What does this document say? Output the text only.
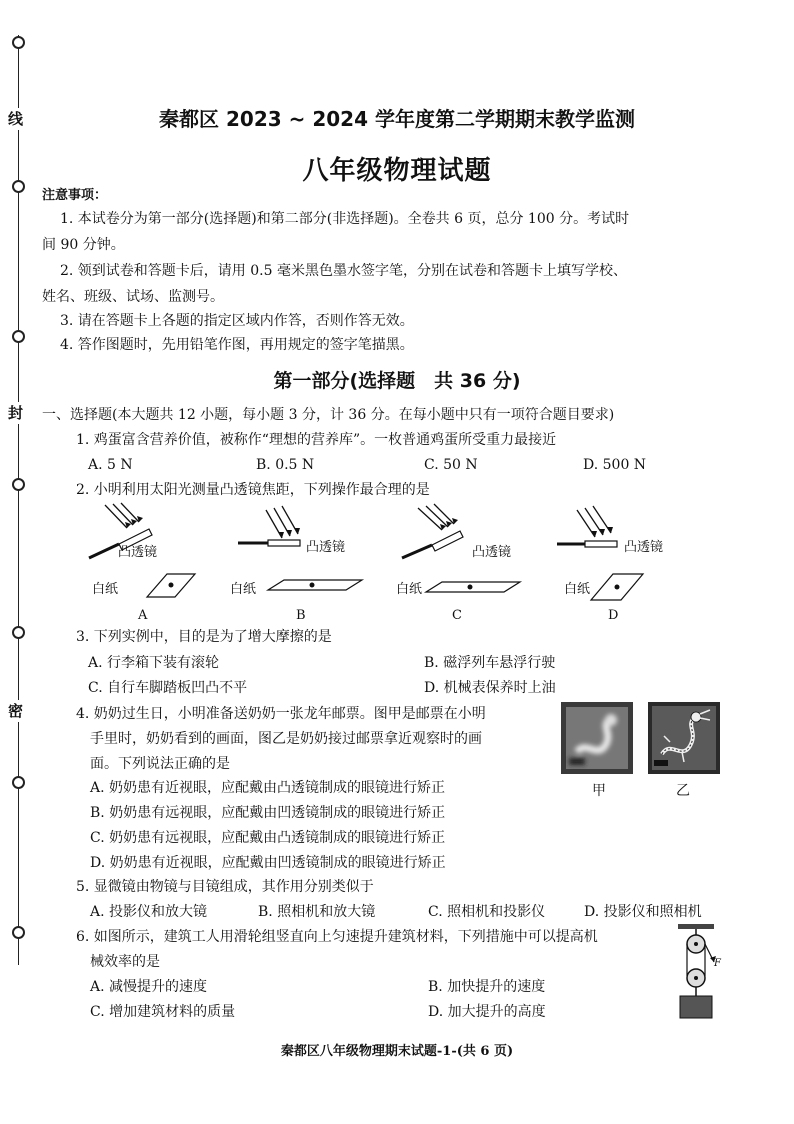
线
封
密
秦都区 2023 ~ 2024 学年度第二学期期末教学监测
八年级物理试题
注意事项：
1. 本试卷分为第一部分(选择题)和第二部分(非选择题)。全卷共 6 页，总分 100 分。考试时
间 90 分钟。
2. 领到试卷和答题卡后，请用 0.5 毫米黑色墨水签字笔，分别在试卷和答题卡上填写学校、
姓名、班级、试场、监测号。
3. 请在答题卡上各题的指定区域内作答，否则作答无效。
4. 答作图题时，先用铅笔作图，再用规定的签字笔描黑。
第一部分(选择题　共 36 分)
一、选择题(本大题共 12 小题，每小题 3 分，计 36 分。在每小题中只有一项符合题目要求)
1. 鸡蛋富含营养价值，被称作“理想的营养库”。一枚普通鸡蛋所受重力最接近
A. 5 N	B. 0.5 N	C. 50 N	D. 500 N
2. 小明利用太阳光测量凸透镜焦距，下列操作最合理的是
凸透镜
白纸
A
凸透镜
白纸
B
凸透镜
白纸
C
凸透镜
白纸
D
3. 下列实例中，目的是为了增大摩擦的是
A. 行李箱下装有滚轮	B. 磁浮列车悬浮行驶
C. 自行车脚踏板凹凸不平	D. 机械表保养时上油
4. 奶奶过生日，小明准备送奶奶一张龙年邮票。图甲是邮票在小明
手里时，奶奶看到的画面，图乙是奶奶接过邮票拿近观察时的画
面。下列说法正确的是
A. 奶奶患有近视眼，应配戴由凸透镜制成的眼镜进行矫正
B. 奶奶患有远视眼，应配戴由凹透镜制成的眼镜进行矫正
C. 奶奶患有远视眼，应配戴由凸透镜制成的眼镜进行矫正
D. 奶奶患有近视眼，应配戴由凹透镜制成的眼镜进行矫正
甲	乙
5. 显微镜由物镜与目镜组成，其作用分别类似于
A. 投影仪和放大镜	B. 照相机和放大镜	C. 照相机和投影仪	D. 投影仪和照相机
6. 如图所示，建筑工人用滑轮组竖直向上匀速提升建筑材料，下列措施中可以提高机
械效率的是
A. 减慢提升的速度	B. 加快提升的速度
C. 增加建筑材料的质量	D. 加大提升的高度
F
秦都区八年级物理期末试题-1-(共 6 页)
